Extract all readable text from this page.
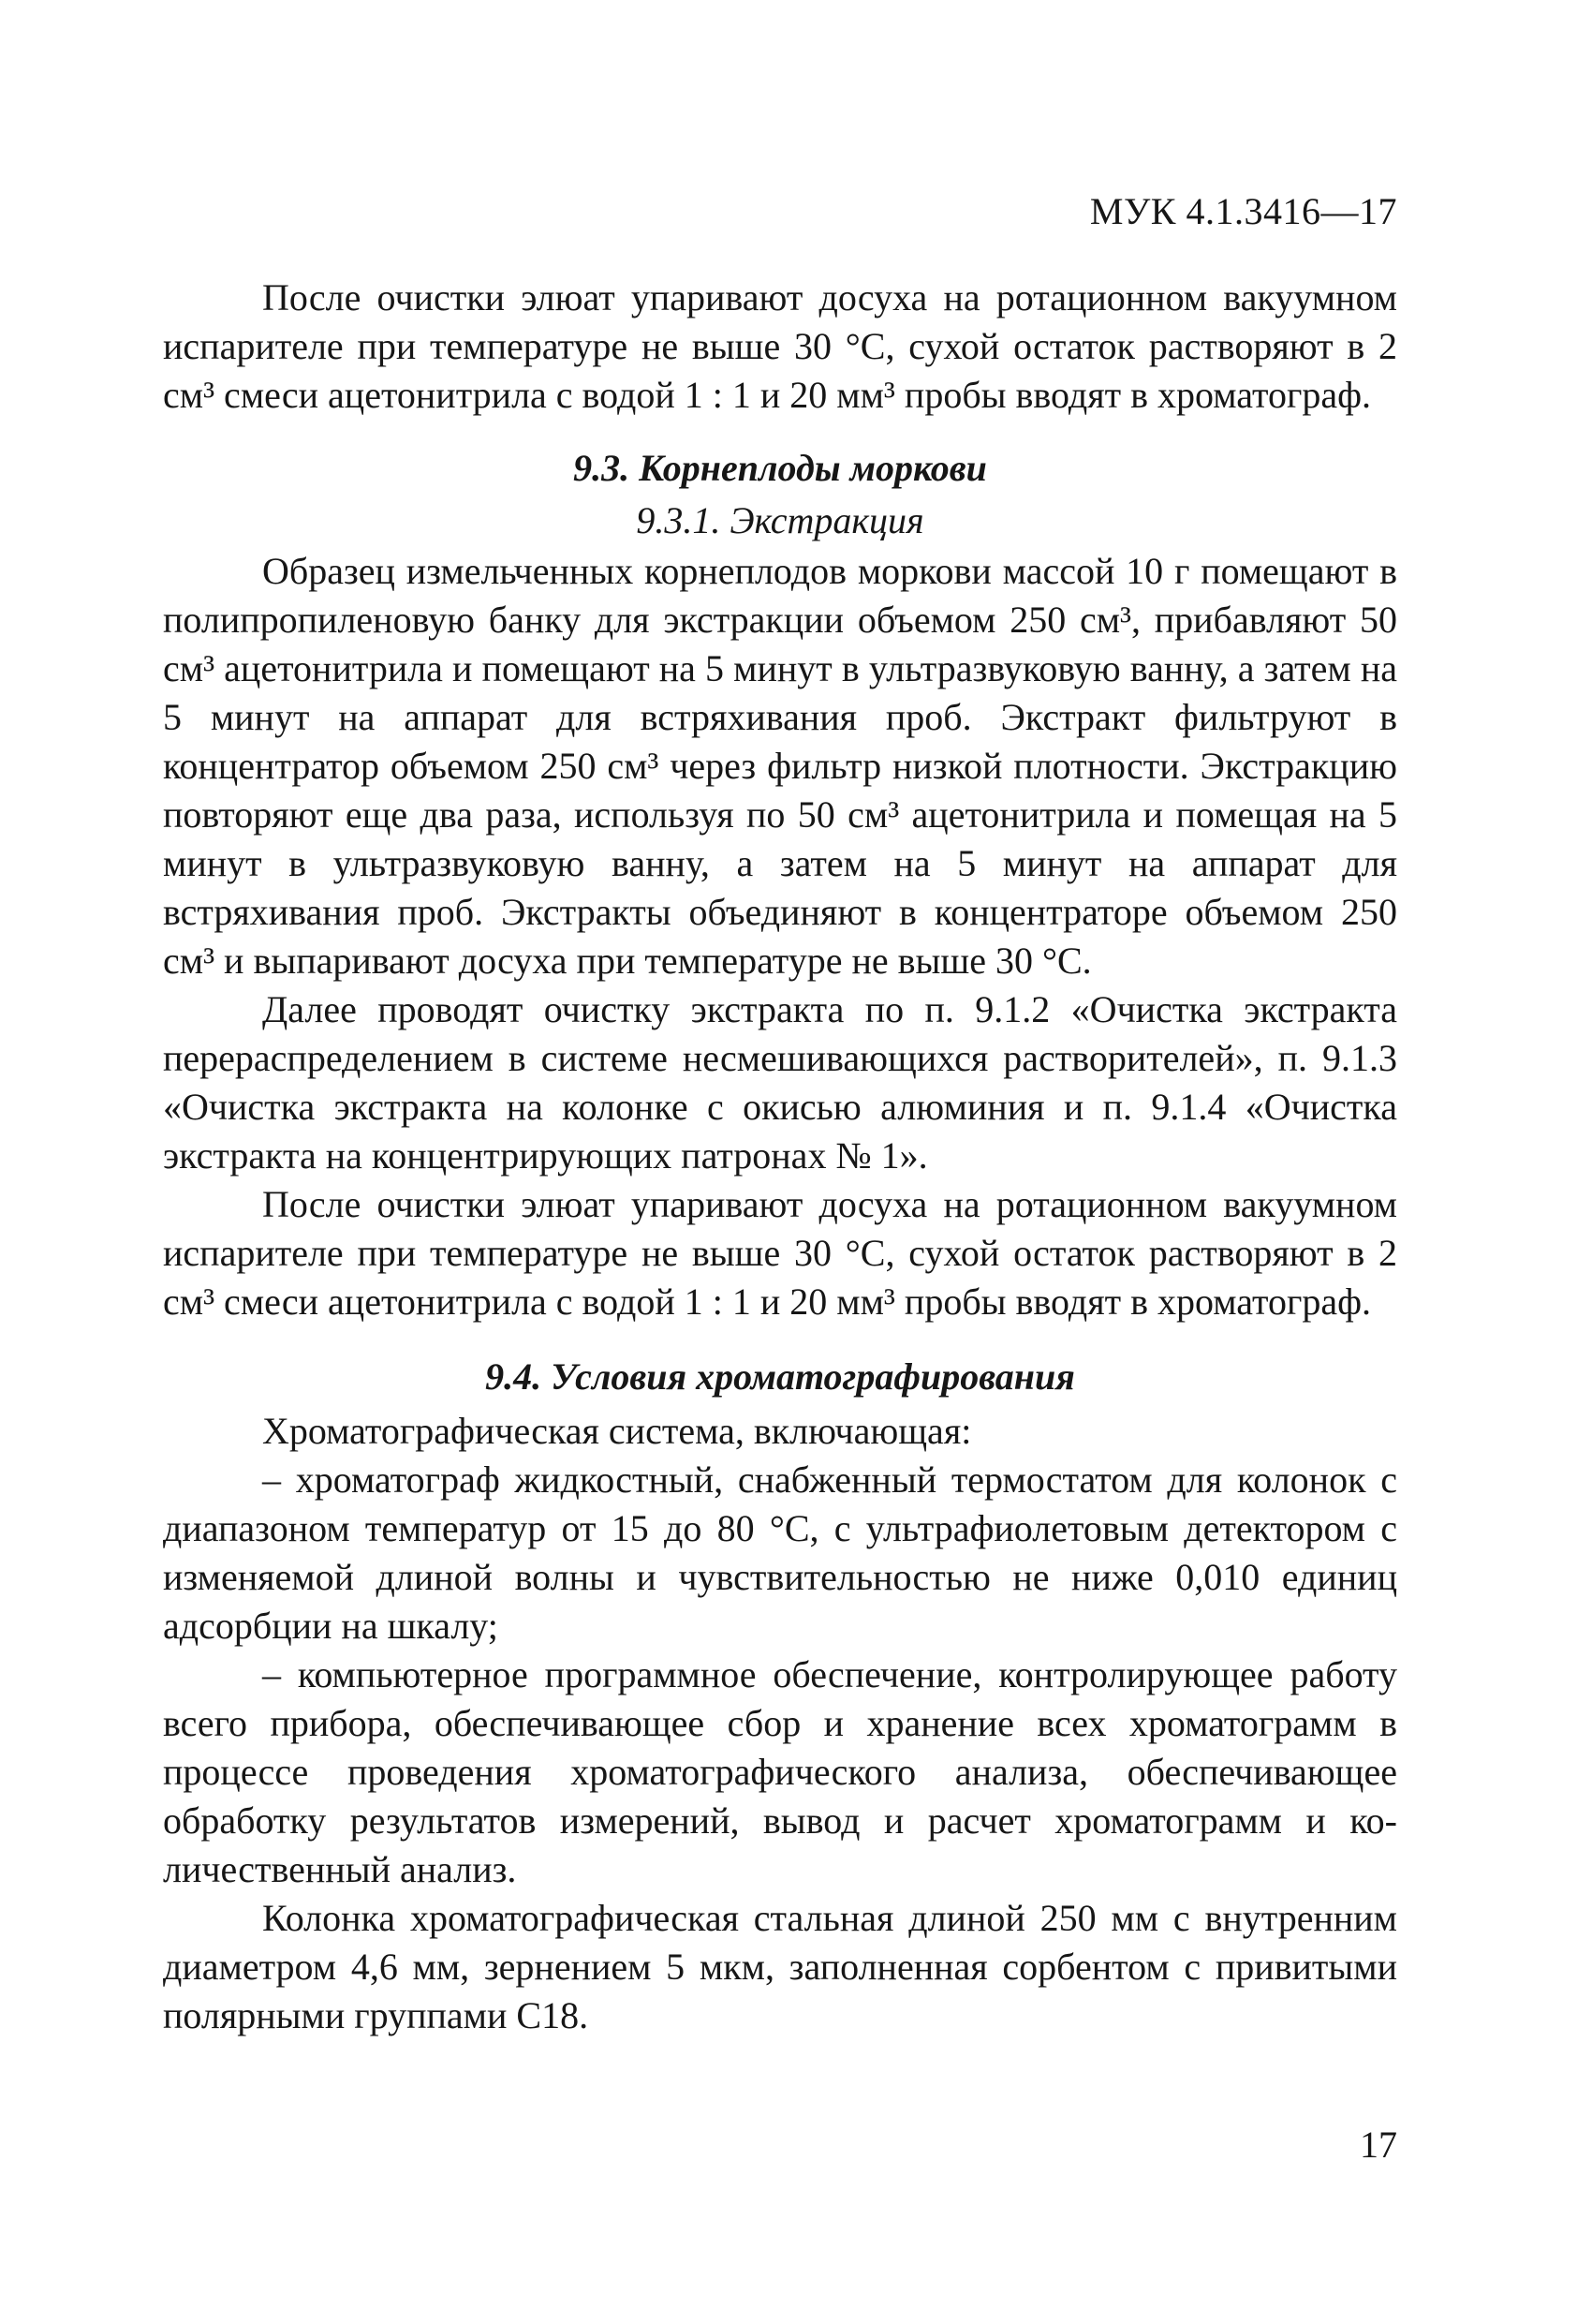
МУК 4.1.3416—17

После очистки элюат упаривают досуха на ротационном вакуумном испарителе при температуре не выше 30 °С, сухой остаток растворяют в 2 см³ смеси ацетонитрила с водой 1 : 1 и 20 мм³ пробы вводят в хроматограф.

9.3. Корнеплоды моркови
9.3.1. Экстракция

Образец измельченных корнеплодов моркови массой 10 г помещают в полипропиленовую банку для экстракции объемом 250 см³, прибавляют 50 см³ ацетонитрила и помещают на 5 минут в ультразвуковую ванну, а затем на 5 минут на аппарат для встряхивания проб. Экстракт фильтруют в концентратор объемом 250 см³ через фильтр низкой плотности. Экстракцию повторяют еще два раза, используя по 50 см³ ацетонитрила и помещая на 5 минут в ультразвуковую ванну, а затем на 5 минут на аппарат для встряхивания проб. Экстракты объединяют в концентраторе объемом 250 см³ и выпаривают досуха при температуре не выше 30 °С.

Далее проводят очистку экстракта по п. 9.1.2 «Очистка экстракта перераспределением в системе несмешивающихся растворителей», п. 9.1.3 «Очистка экстракта на колонке с окисью алюминия и п. 9.1.4 «Очистка экстракта на концентрирующих патронах № 1».

После очистки элюат упаривают досуха на ротационном вакуумном испарителе при температуре не выше 30 °С, сухой остаток растворяют в 2 см³ смеси ацетонитрила с водой 1 : 1 и 20 мм³ пробы вводят в хроматограф.

9.4. Условия хроматографирования

Хроматографическая система, включающая:

– хроматограф жидкостный, снабженный термостатом для колонок с диапазоном температур от 15 до 80 °С, с ультрафиолетовым детектором с изменяемой длиной волны и чувствительностью не ниже 0,010 единиц адсорбции на шкалу;

– компьютерное программное обеспечение, контролирующее работу всего прибора, обеспечивающее сбор и хранение всех хроматограмм в процессе проведения хроматографического анализа, обеспечивающее обработку результатов измерений, вывод и расчет хроматограмм и количественный анализ.

Колонка хроматографическая стальная длиной 250 мм с внутренним диаметром 4,6 мм, зернением 5 мкм, заполненная сорбентом с привитыми полярными группами С18.

17
